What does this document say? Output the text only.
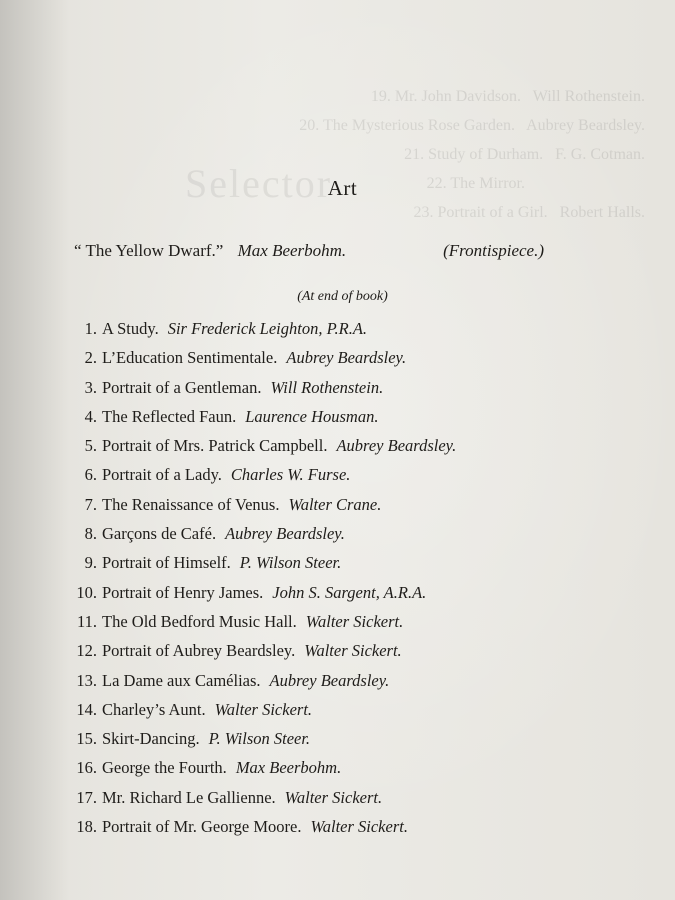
Selector
19. Mr. John Davidson.   Will Rothenstein.
20. The Mysterious Rose Garden.   Aubrey Beardsley.
21. Study of Durham.   F. G. Cotman.
22. The Mirror.
23. Portrait of a Girl.   Robert Halls.
Art
“ The Yellow Dwarf.” Max Beerbohm.	(Frontispiece.)
(At end of book)
1. A Study. Sir Frederick Leighton, P.R.A.
2. L’Education Sentimentale. Aubrey Beardsley.
3. Portrait of a Gentleman. Will Rothenstein.
4. The Reflected Faun. Laurence Housman.
5. Portrait of Mrs. Patrick Campbell. Aubrey Beardsley.
6. Portrait of a Lady. Charles W. Furse.
7. The Renaissance of Venus. Walter Crane.
8. Garçons de Café. Aubrey Beardsley.
9. Portrait of Himself. P. Wilson Steer.
10. Portrait of Henry James. John S. Sargent, A.R.A.
11. The Old Bedford Music Hall. Walter Sickert.
12. Portrait of Aubrey Beardsley. Walter Sickert.
13. La Dame aux Camélias. Aubrey Beardsley.
14. Charley’s Aunt. Walter Sickert.
15. Skirt-Dancing. P. Wilson Steer.
16. George the Fourth. Max Beerbohm.
17. Mr. Richard Le Gallienne. Walter Sickert.
18. Portrait of Mr. George Moore. Walter Sickert.
